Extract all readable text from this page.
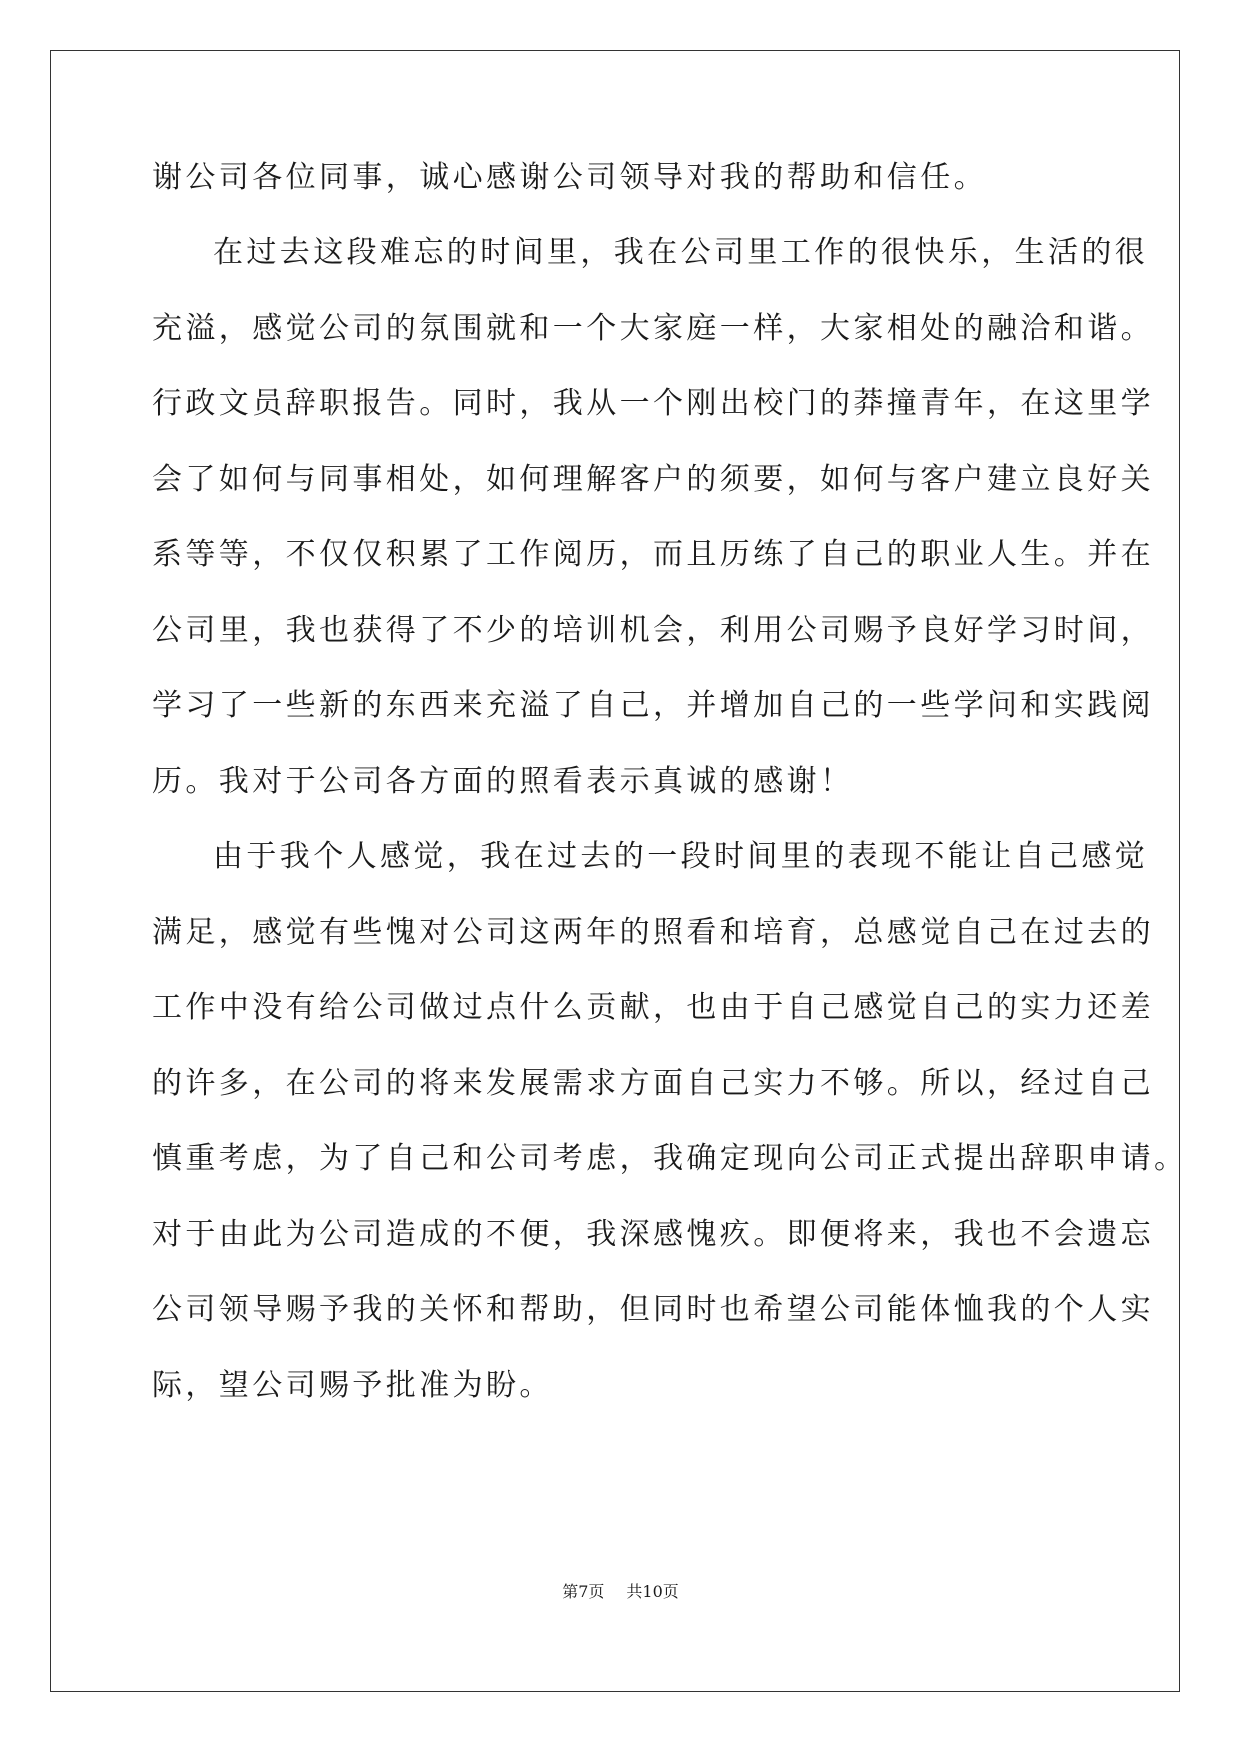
谢公司各位同事，诚心感谢公司领导对我的帮助和信任。
在过去这段难忘的时间里，我在公司里工作的很快乐，生活的很
充溢，感觉公司的氛围就和一个大家庭一样，大家相处的融洽和谐。
行政文员辞职报告。同时，我从一个刚出校门的莽撞青年，在这里学
会了如何与同事相处，如何理解客户的须要，如何与客户建立良好关
系等等，不仅仅积累了工作阅历，而且历练了自己的职业人生。并在
公司里，我也获得了不少的培训机会，利用公司赐予良好学习时间，
学习了一些新的东西来充溢了自己，并增加自己的一些学问和实践阅
历。我对于公司各方面的照看表示真诚的感谢！
由于我个人感觉，我在过去的一段时间里的表现不能让自己感觉
满足，感觉有些愧对公司这两年的照看和培育，总感觉自己在过去的
工作中没有给公司做过点什么贡献，也由于自己感觉自己的实力还差
的许多，在公司的将来发展需求方面自己实力不够。所以，经过自己
慎重考虑，为了自己和公司考虑，我确定现向公司正式提出辞职申请。
对于由此为公司造成的不便，我深感愧疚。即便将来，我也不会遗忘
公司领导赐予我的关怀和帮助，但同时也希望公司能体恤我的个人实
际，望公司赐予批准为盼。
第7页 共10页
